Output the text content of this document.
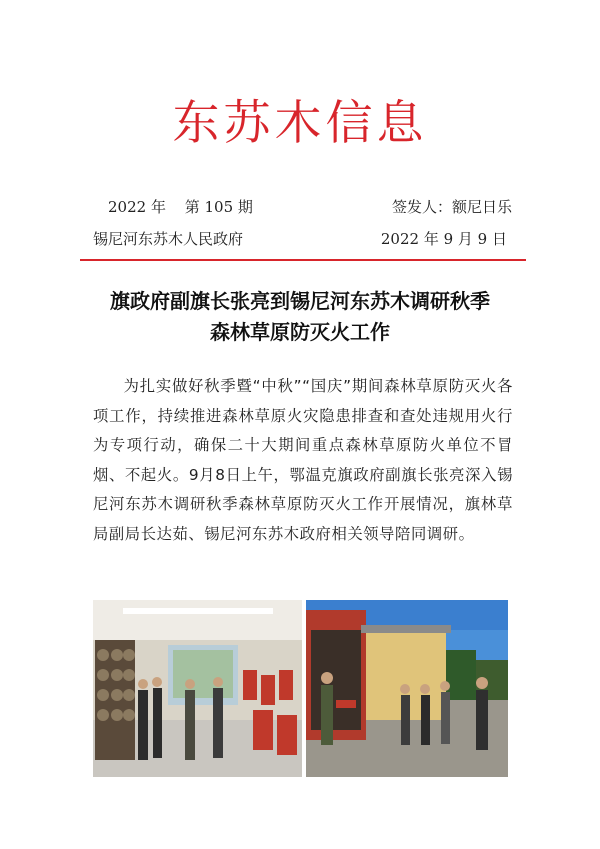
东苏木信息
2022 年 第 105 期	签发人：额尼日乐
锡尼河东苏木人民政府	2022 年 9 月 9 日
旗政府副旗长张亮到锡尼河东苏木调研秋季
森林草原防灭火工作
为扎实做好秋季暨“中秋”“国庆”期间森林草原防灭火各项工作，持续推进森林草原火灾隐患排查和查处违规用火行为专项行动，确保二十大期间重点森林草原防火单位不冒烟、不起火。9月8日上午，鄂温克旗政府副旗长张亮深入锡尼河东苏木调研秋季森林草原防灭火工作开展情况，旗林草局副局长达茹、锡尼河东苏木政府相关领导陪同调研。
